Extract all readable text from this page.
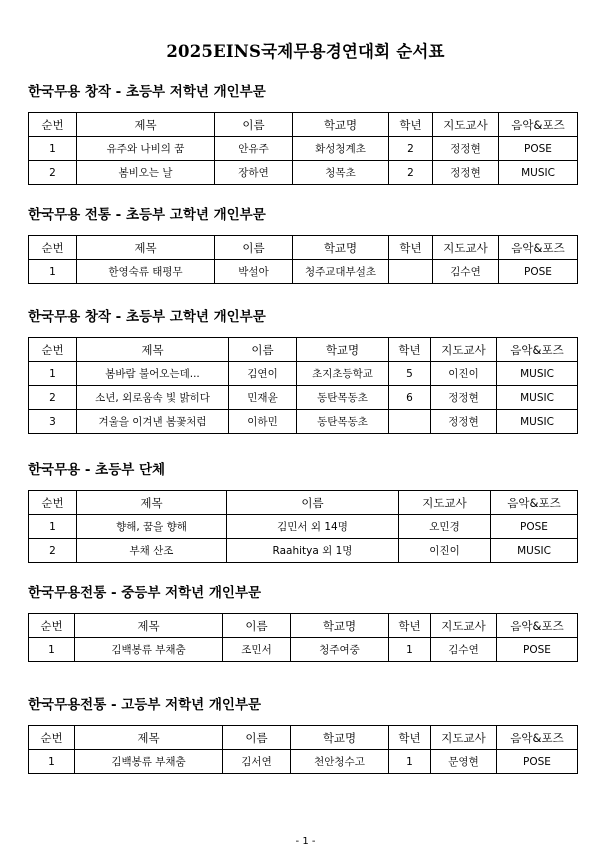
2025EINS국제무용경연대회 순서표
한국무용 창작 - 초등부 저학년 개인부문
순번	제목	이름	학교명	학년	지도교사	음악&포즈
1	유주와 나비의 꿈	안유주	화성청계초	2	정정현	POSE
2	봄비오는 날	장하연	청목초	2	정정현	MUSIC
한국무용 전통 - 초등부 고학년 개인부문
순번	제목	이름	학교명	학년	지도교사	음악&포즈
1	한영숙류 태평무	박설아	청주교대부설초		김수연	POSE
한국무용 창작 - 초등부 고학년 개인부문
순번	제목	이름	학교명	학년	지도교사	음악&포즈
1	봄바람 불어오는데...	김연이	초지초등학교	5	이진이	MUSIC
2	소년, 외로움속 빛 밝히다	민재윤	동탄목동초	6	정정현	MUSIC
3	겨울을 이겨낸 봄꽃처럼	이하민	동탄목동초		정정현	MUSIC
한국무용 - 초등부 단체
순번	제목	이름	지도교사	음악&포즈
1	향해, 꿈을 향해	김민서 외 14명	오민경	POSE
2	부채 산조	Raahitya 외 1명	이진이	MUSIC
한국무용전통 - 중등부 저학년 개인부문
순번	제목	이름	학교명	학년	지도교사	음악&포즈
1	김백봉류 부채춤	조민서	청주여중	1	김수연	POSE
한국무용전통 - 고등부 저학년 개인부문
순번	제목	이름	학교명	학년	지도교사	음악&포즈
1	김백봉류 부채춤	김서연	천안청수고	1	문영현	POSE
- 1 -
